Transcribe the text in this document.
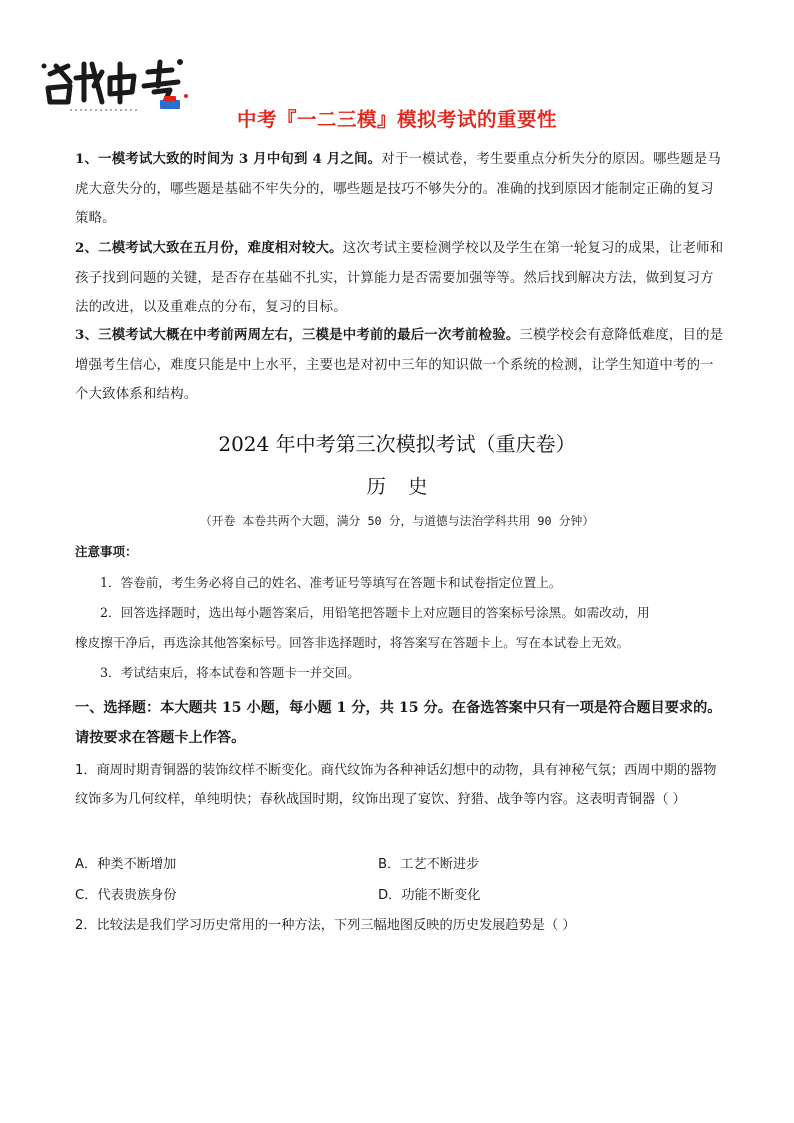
中考『一二三模』模拟考试的重要性
1、一模考试大致的时间为 3 月中旬到 4 月之间。对于一模试卷，考生要重点分析失分的原因。哪些题是马虎大意失分的，哪些题是基础不牢失分的，哪些题是技巧不够失分的。准确的找到原因才能制定正确的复习策略。
2、二模考试大致在五月份，难度相对较大。这次考试主要检测学校以及学生在第一轮复习的成果，让老师和孩子找到问题的关键，是否存在基础不扎实，计算能力是否需要加强等等。然后找到解决方法，做到复习方法的改进，以及重难点的分布，复习的目标。
3、三模考试大概在中考前两周左右，三模是中考前的最后一次考前检验。三模学校会有意降低难度，目的是增强考生信心，难度只能是中上水平，主要也是对初中三年的知识做一个系统的检测，让学生知道中考的一个大致体系和结构。
2024 年中考第三次模拟考试（重庆卷）
历史
（开卷 本卷共两个大题，满分 50 分，与道德与法治学科共用 90 分钟）
注意事项：
1．答卷前，考生务必将自己的姓名、准考证号等填写在答题卡和试卷指定位置上。
2．回答选择题时，选出每小题答案后，用铅笔把答题卡上对应题目的答案标号涂黑。如需改动，用
橡皮擦干净后，再选涂其他答案标号。回答非选择题时，将答案写在答题卡上。写在本试卷上无效。
3．考试结束后，将本试卷和答题卡一并交回。
一、选择题：本大题共 15 小题，每小题 1 分，共 15 分。在备选答案中只有一项是符合题目要求的。请按要求在答题卡上作答。
1．商周时期青铜器的装饰纹样不断变化。商代纹饰为各种神话幻想中的动物，具有神秘气氛；西周中期的器物纹饰多为几何纹样，单纯明快；春秋战国时期，纹饰出现了宴饮、狩猎、战争等内容。这表明青铜器（ ）
A．种类不断增加	B．工艺不断进步
C．代表贵族身份	D．功能不断变化
2．比较法是我们学习历史常用的一种方法，下列三幅地图反映的历史发展趋势是（ ）
